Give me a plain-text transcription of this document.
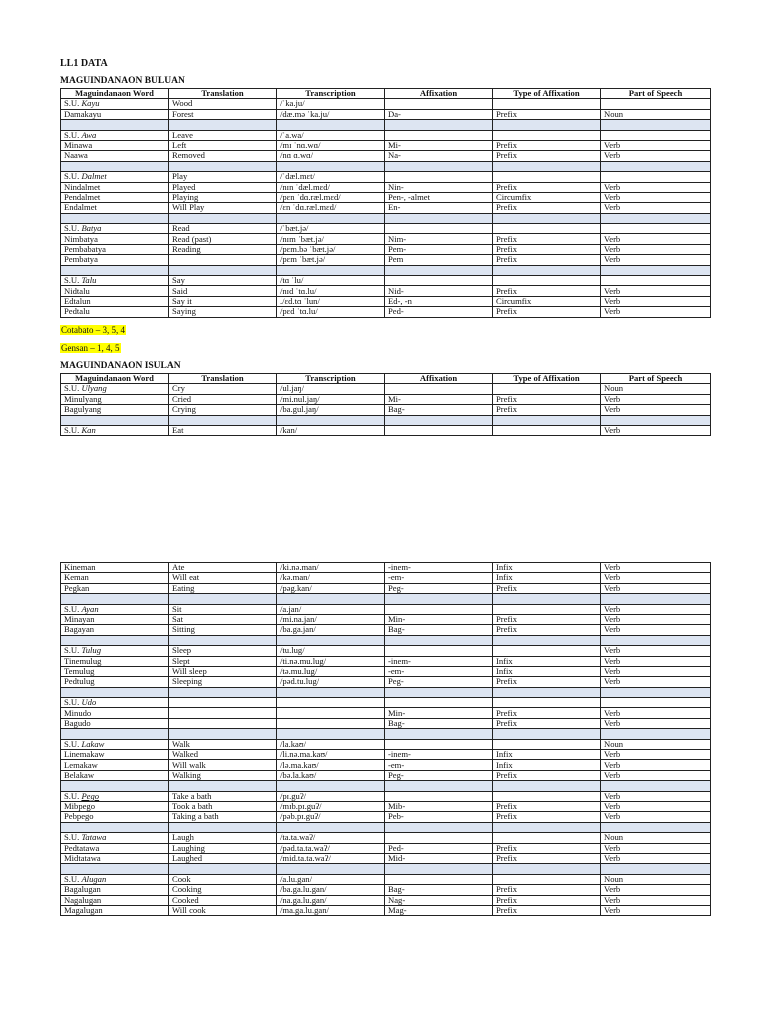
LL1 DATA
MAGUINDANAON BULUAN
Maguindanaon Word	Translation	Transcription	Affixation	Type of Affixation	Part of Speech
S.U. Kayu	Wood	/ˈka.ju/			
Damakayu	Forest	/dæ.mə ˈka.ju/	Da-	Prefix	Noun

S.U. Awa	Leave	/ˈa.wa/			
Minawa	Left	/mɪ ˈnɑ.wɑ/	Mi-	Prefix	Verb
Naawa	Removed	/nɑ ɑ.wɑ/	Na-	Prefix	Verb

S.U. Dalmet	Play	/ˈdæl.mɛt/			
Nindalmet	Played	/nɪn ˈdæl.mɛd/	Nin-	Prefix	Verb
Pendalmet	Playing	/pɛn ˈdɑ.ræl.mɛd/	Pen-, -almet	Circumfix	Verb
Endalmet	Will Play	/ɛn ˈdɑ.ræl.mɛd/	En-	Prefix	Verb

S.U. Batya	Read	/ˈbæt.jə/			
Nimbatya	Read (past)	/nɪm ˈbæt.jə/	Nim-	Prefix	Verb
Pembabatya	Reading	/pɛm.bə ˈbæt.jə/	Pem-	Prefix	Verb
Pembatya		/pɛm ˈbæt.jə/	Pem	Prefix	Verb

S.U. Talu	Say	/tɑ ˈlu/			
Nidtalu	Said	/nɪd ˈtɑ.lu/	Nid-	Prefix	Verb
Edtalun	Say it	./ɛd.tɑ ˈlun/	Ed-, -n	Circumfix	Verb
Pedtalu	Saying	/pɛd ˈtɑ.lu/	Ped-	Prefix	Verb
Cotabato – 3, 5, 4
Gensan – 1, 4, 5
MAGUINDANAON ISULAN
Maguindanaon Word	Translation	Transcription	Affixation	Type of Affixation	Part of Speech
S.U. Ulyang	Cry	/ul.jaŋ/			Noun
Minulyang	Cried	/mi.nul.jaŋ/	Mi-	Prefix	Verb
Bagulyang	Crying	/ba.gul.jaŋ/	Bag-	Prefix	Verb

S.U. Kan	Eat	/kan/			Verb
Kineman	Ate	/ki.nə.man/	-inem-	Infix	Verb
Keman	Will eat	/kə.man/	-em-	Infix	Verb
Pegkan	Eating	/pəg.kan/	Peg-	Prefix	Verb

S.U. Ayan	Sit	/a.jan/			Verb
Minayan	Sat	/mi.na.jan/	Min-	Prefix	Verb
Bagayan	Sitting	/ba.ga.jan/	Bag-	Prefix	Verb

S.U. Tulug	Sleep	/tu.lug/			Verb
Tinemulug	Slept	/ti.nə.mu.lug/	-inem-	Infix	Verb
Temulug	Will sleep	/tə.mu.lug/	-em-	Infix	Verb
Pedtulug	Sleeping	/pəd.tu.lug/	Peg-	Prefix	Verb

S.U. Udo					
Minudo			Min-	Prefix	Verb
Bagudo			Bag-	Prefix	Verb

S.U. Lakaw	Walk	/la.kaʊ/			Noun
Linemakaw	Walked	/li.nə.ma.kaʊ/	-inem-	Infix	Verb
Lemakaw	Will walk	/lə.ma.kaʊ/	-em-	Infix	Verb
Belakaw	Walking	/bə.la.kaʊ/	Peg-	Prefix	Verb

S.U. Pego	Take a bath	/pɪ.guʔ/			Verb
Mibpego	Took a bath	/mɪb.pɪ.guʔ/	Mib-	Prefix	Verb
Pebpego	Taking a bath	/pəb.pɪ.guʔ/	Peb-	Prefix	Verb

S.U. Tatawa	Laugh	/ta.ta.waʔ/			Noun
Pedtatawa	Laughing	/pəd.ta.ta.waʔ/	Ped-	Prefix	Verb
Midtatawa	Laughed	/mid.ta.ta.waʔ/	Mid-	Prefix	Verb

S.U. Alugan	Cook	/a.lu.gan/			Noun
Bagalugan	Cooking	/ba.ga.lu.gan/	Bag-	Prefix	Verb
Nagalugan	Cooked	/na.ga.lu.gan/	Nag-	Prefix	Verb
Magalugan	Will cook	/ma.ga.lu.gan/	Mag-	Prefix	Verb
